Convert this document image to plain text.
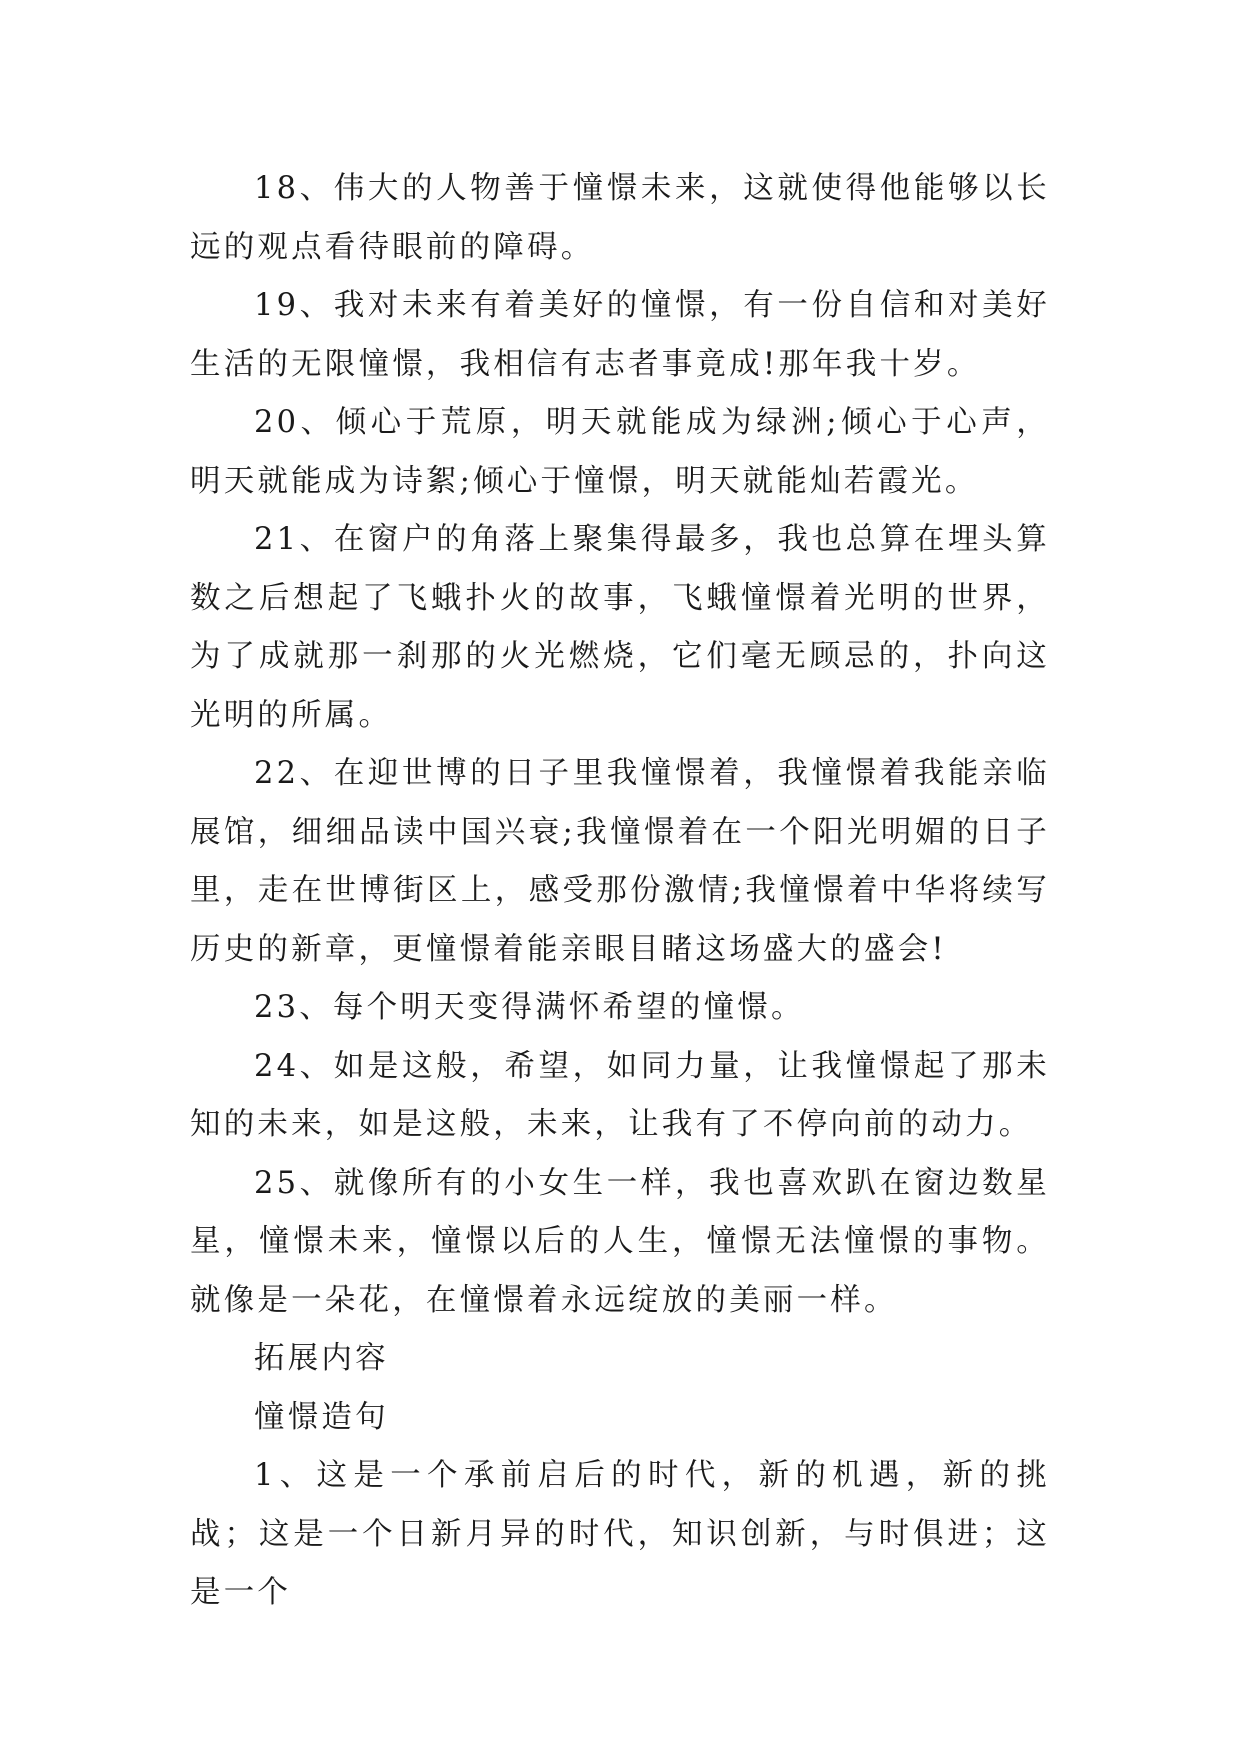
18、伟大的人物善于憧憬未来，这就使得他能够以长远的观点看待眼前的障碍。

19、我对未来有着美好的憧憬，有一份自信和对美好生活的无限憧憬，我相信有志者事竟成!那年我十岁。

20、倾心于荒原，明天就能成为绿洲;倾心于心声，明天就能成为诗絮;倾心于憧憬，明天就能灿若霞光。

21、在窗户的角落上聚集得最多，我也总算在埋头算数之后想起了飞蛾扑火的故事，飞蛾憧憬着光明的世界，为了成就那一刹那的火光燃烧，它们毫无顾忌的，扑向这光明的所属。

22、在迎世博的日子里我憧憬着，我憧憬着我能亲临展馆，细细品读中国兴衰;我憧憬着在一个阳光明媚的日子里，走在世博街区上，感受那份激情;我憧憬着中华将续写历史的新章，更憧憬着能亲眼目睹这场盛大的盛会!

23、每个明天变得满怀希望的憧憬。

24、如是这般，希望，如同力量，让我憧憬起了那未知的未来，如是这般，未来，让我有了不停向前的动力。

25、就像所有的小女生一样，我也喜欢趴在窗边数星星，憧憬未来，憧憬以后的人生，憧憬无法憧憬的事物。就像是一朵花，在憧憬着永远绽放的美丽一样。

拓展内容

憧憬造句

1、这是一个承前启后的时代，新的机遇，新的挑战；这是一个日新月异的时代，知识创新，与时俱进；这是一个
